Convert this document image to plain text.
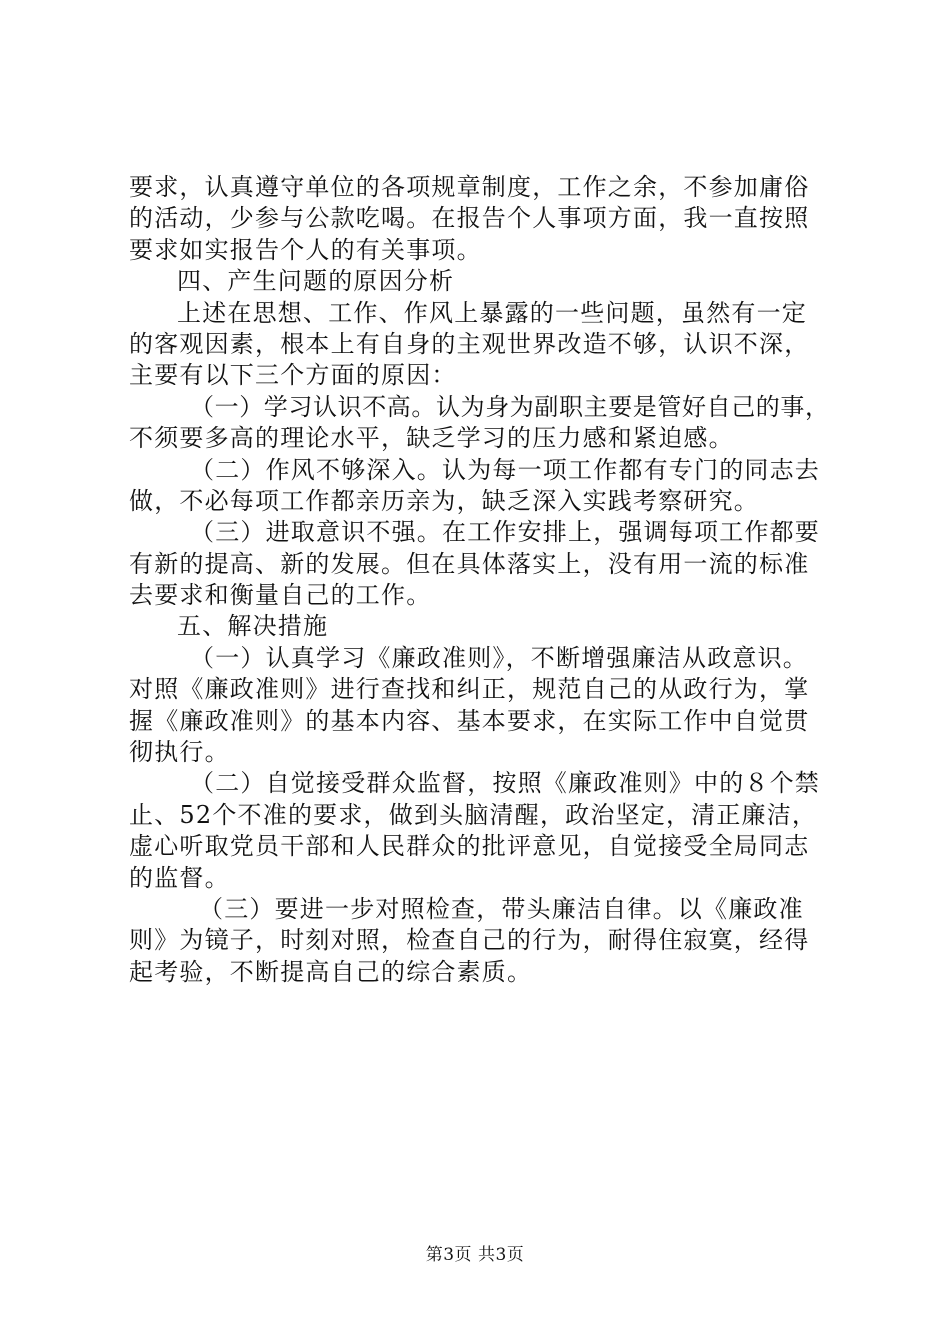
要求，认真遵守单位的各项规章制度，工作之余，不参加庸俗
的活动，少参与公款吃喝。在报告个人事项方面，我一直按照
要求如实报告个人的有关事项。
四、产生问题的原因分析
上述在思想、工作、作风上暴露的一些问题，虽然有一定
的客观因素，根本上有自身的主观世界改造不够，认识不深，
主要有以下三个方面的原因：
（一）学习认识不高。认为身为副职主要是管好自己的事，
不须要多高的理论水平，缺乏学习的压力感和紧迫感。
（二）作风不够深入。认为每一项工作都有专门的同志去
做，不必每项工作都亲历亲为，缺乏深入实践考察研究。
（三）进取意识不强。在工作安排上，强调每项工作都要
有新的提高、新的发展。但在具体落实上，没有用一流的标准
去要求和衡量自己的工作。
五、解决措施
（一）认真学习《廉政准则》，不断增强廉洁从政意识。
对照《廉政准则》进行查找和纠正，规范自己的从政行为，掌
握《廉政准则》的基本内容、基本要求，在实际工作中自觉贯
彻执行。
（二）自觉接受群众监督，按照《廉政准则》中的８个禁
止、52个不准的要求，做到头脑清醒，政治坚定，清正廉洁，
虚心听取党员干部和人民群众的批评意见，自觉接受全局同志
的监督。
（三）要进一步对照检查，带头廉洁自律。以《廉政准
则》为镜子，时刻对照，检查自己的行为，耐得住寂寞，经得
起考验，不断提高自己的综合素质。
第3页 共3页
